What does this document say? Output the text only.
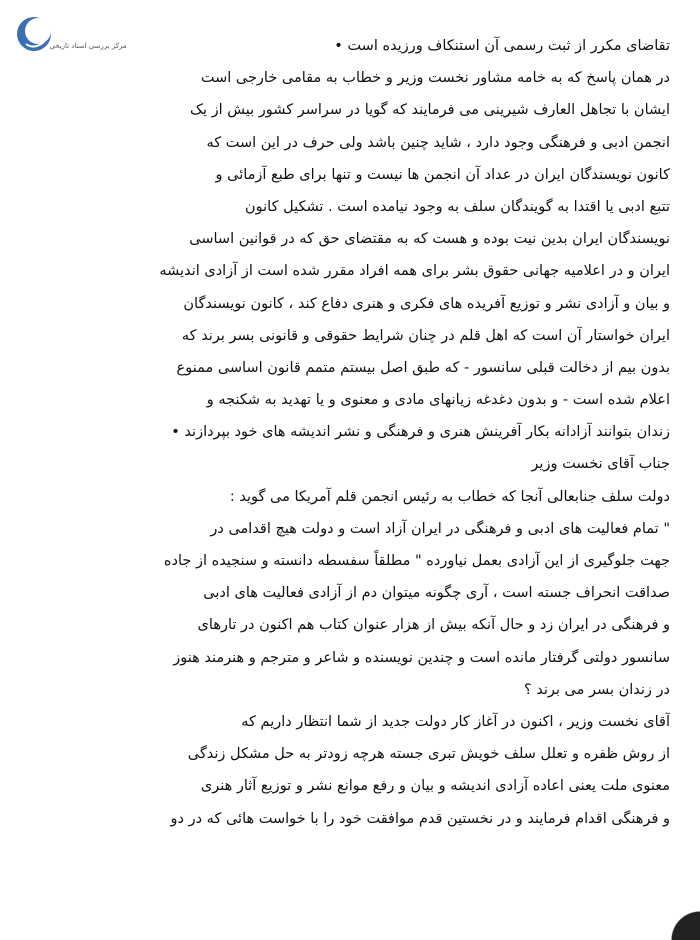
مرکز بررسی اسناد تاریخی	تقاضای مکرر از ثبت رسمی آن استنکاف ورزیده است •
در همان پاسخ که به خامه مشاور نخست وزیر و خطاب به مقامی خارجی است
ایشان با تجاهل العارف شیرینی می فرمایند که گویا در سراسر کشور بیش از یک
انجمن ادبی و فرهنگی وجود دارد ، شاید چنین باشد ولی حرف در این است که
کانون نویسندگان ایران در عداد آن انجمن ها نیست و تنها برای طبع آزمائی و
تتبع ادبی یا اقتدا به گویندگان سلف به وجود نیامده است . تشکیل کانون
نویسندگان ایران بدین نیت بوده و هست که به مقتضای حق که در قوانین اساسی
ایران و در اعلامیه جهانی حقوق بشر برای همه افراد مقرر شده است از آزادی اندیشه
و بیان و آزادی نشر و توزیع آفریده های فکری و هنری دفاع کند ، کانون نویسندگان
ایران خواستار آن است که اهل قلم در چنان شرایط حقوقی و قانونی بسر برند که
بدون بیم از دخالت قبلی سانسور - که طبق اصل بیستم متمم قانون اساسی ممنوع
اعلام شده است - و بدون دغدغه زیانهای مادی و معنوی و یا تهدید به شکنجه و
زندان بتوانند آزادانه بکار آفرینش هنری و فرهنگی و نشر اندیشه های خود بپردازند •
جناب آقای نخست وزیر
دولت سلف جنابعالی آنجا که خطاب به رئیس انجمن قلم آمریکا می گوید :
" تمام فعالیت های ادبی و فرهنگی در ایران آزاد است و دولت هیچ اقدامی در
جهت جلوگیری از این آزادی بعمل نیاورده " مطلقاً سفسطه دانسته و سنجیده از جاده
صداقت انحراف جسته است ، آری چگونه میتوان دم از آزادی فعالیت های ادبی
و فرهنگی در ایران زد و حال آنکه بیش از هزار عنوان کتاب هم اکنون در تارهای
سانسور دولتی گرفتار مانده است و چندین نویسنده و شاعر و مترجم و هنرمند هنوز
در زندان بسر می برند ؟
آقای نخست وزیر ، اکنون در آغاز کار دولت جدید از شما انتظار داریم که
از روش ظفره و تعلل سلف خویش تبری جسته هرچه زودتر به حل مشکل زندگی
معنوی ملت یعنی اعاده آزادی اندیشه و بیان و رفع موانع نشر و توزیع آثار هنری
و فرهنگی اقدام فرمایند و در نخستین قدم موافقت خود را با خواست هائی که در دو
